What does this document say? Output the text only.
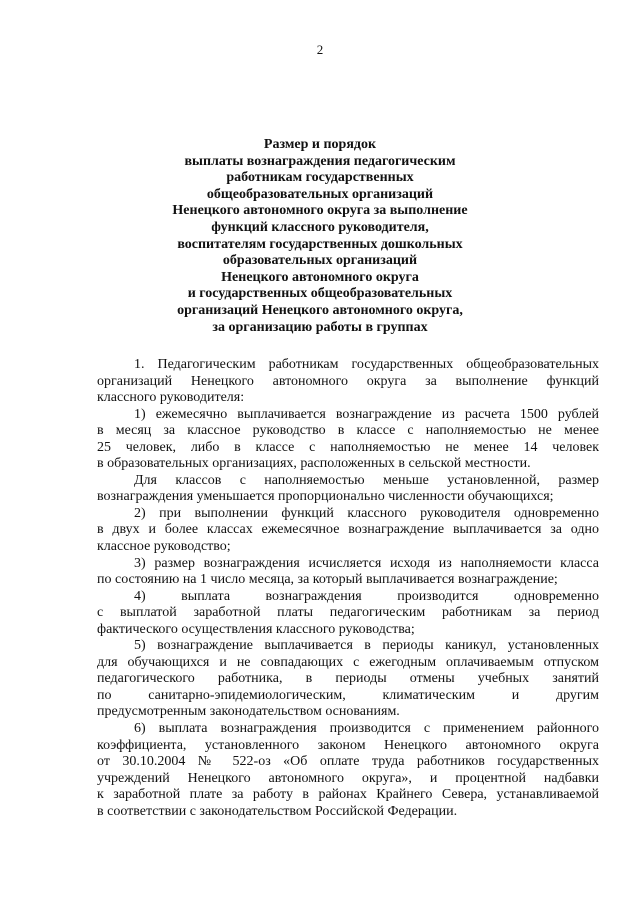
2
Размер и порядок
выплаты вознаграждения педагогическим
работникам государственных
общеобразовательных организаций
Ненецкого автономного округа за выполнение
функций классного руководителя,
воспитателям государственных дошкольных
образовательных организаций
Ненецкого автономного округа
и государственных общеобразовательных
организаций Ненецкого автономного округа,
за организацию работы в группах
1. Педагогическим работникам государственных общеобразовательных
организаций Ненецкого автономного округа за выполнение функций
классного руководителя:
1) ежемесячно выплачивается вознаграждение из расчета 1500 рублей
в месяц за классное руководство в классе с наполняемостью не менее
25 человек, либо в классе с наполняемостью не менее 14 человек
в образовательных организациях, расположенных в сельской местности.
Для классов с наполняемостью меньше установленной, размер
вознаграждения уменьшается пропорционально численности обучающихся;
2) при выполнении функций классного руководителя одновременно
в двух и более классах ежемесячное вознаграждение выплачивается за одно
классное руководство;
3) размер вознаграждения исчисляется исходя из наполняемости класса
по состоянию на 1 число месяца, за который выплачивается вознаграждение;
4) выплата вознаграждения производится одновременно
с выплатой заработной платы педагогическим работникам за период
фактического осуществления классного руководства;
5) вознаграждение выплачивается в периоды каникул, установленных
для обучающихся и не совпадающих с ежегодным оплачиваемым отпуском
педагогического работника, в периоды отмены учебных занятий
по санитарно-эпидемиологическим, климатическим и другим
предусмотренным законодательством основаниям.
6) выплата вознаграждения производится с применением районного
коэффициента, установленного законом Ненецкого автономного округа
от 30.10.2004 № 522-оз «Об оплате труда работников государственных
учреждений Ненецкого автономного округа», и процентной надбавки
к заработной плате за работу в районах Крайнего Севера, устанавливаемой
в соответствии с законодательством Российской Федерации.
